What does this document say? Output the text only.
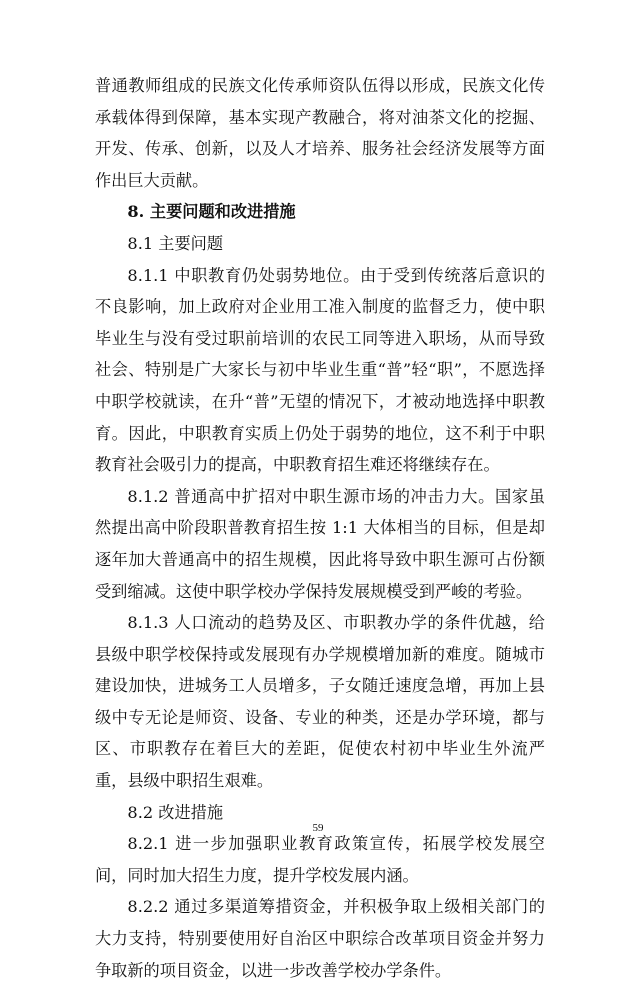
普通教师组成的民族文化传承师资队伍得以形成，民族文化传承载体得到保障，基本实现产教融合，将对油茶文化的挖掘、开发、传承、创新，以及人才培养、服务社会经济发展等方面作出巨大贡献。

8. 主要问题和改进措施

8.1 主要问题

8.1.1 中职教育仍处弱势地位。由于受到传统落后意识的不良影响，加上政府对企业用工准入制度的监督乏力，使中职毕业生与没有受过职前培训的农民工同等进入职场，从而导致社会、特别是广大家长与初中毕业生重“普”轻“职”，不愿选择中职学校就读，在升“普”无望的情况下，才被动地选择中职教育。因此，中职教育实质上仍处于弱势的地位，这不利于中职教育社会吸引力的提高，中职教育招生难还将继续存在。

8.1.2 普通高中扩招对中职生源市场的冲击力大。国家虽然提出高中阶段职普教育招生按 1:1 大体相当的目标，但是却逐年加大普通高中的招生规模，因此将导致中职生源可占份额受到缩减。这使中职学校办学保持发展规模受到严峻的考验。

8.1.3 人口流动的趋势及区、市职教办学的条件优越，给县级中职学校保持或发展现有办学规模增加新的难度。随城市建设加快，进城务工人员增多，子女随迁速度急增，再加上县级中专无论是师资、设备、专业的种类，还是办学环境，都与区、市职教存在着巨大的差距，促使农村初中毕业生外流严重，县级中职招生艰难。

8.2 改进措施

8.2.1 进一步加强职业教育政策宣传，拓展学校发展空间，同时加大招生力度，提升学校发展内涵。

8.2.2 通过多渠道筹措资金，并积极争取上级相关部门的大力支持，特别要使用好自治区中职综合改革项目资金并努力争取新的项目资金，以进一步改善学校办学条件。

59
